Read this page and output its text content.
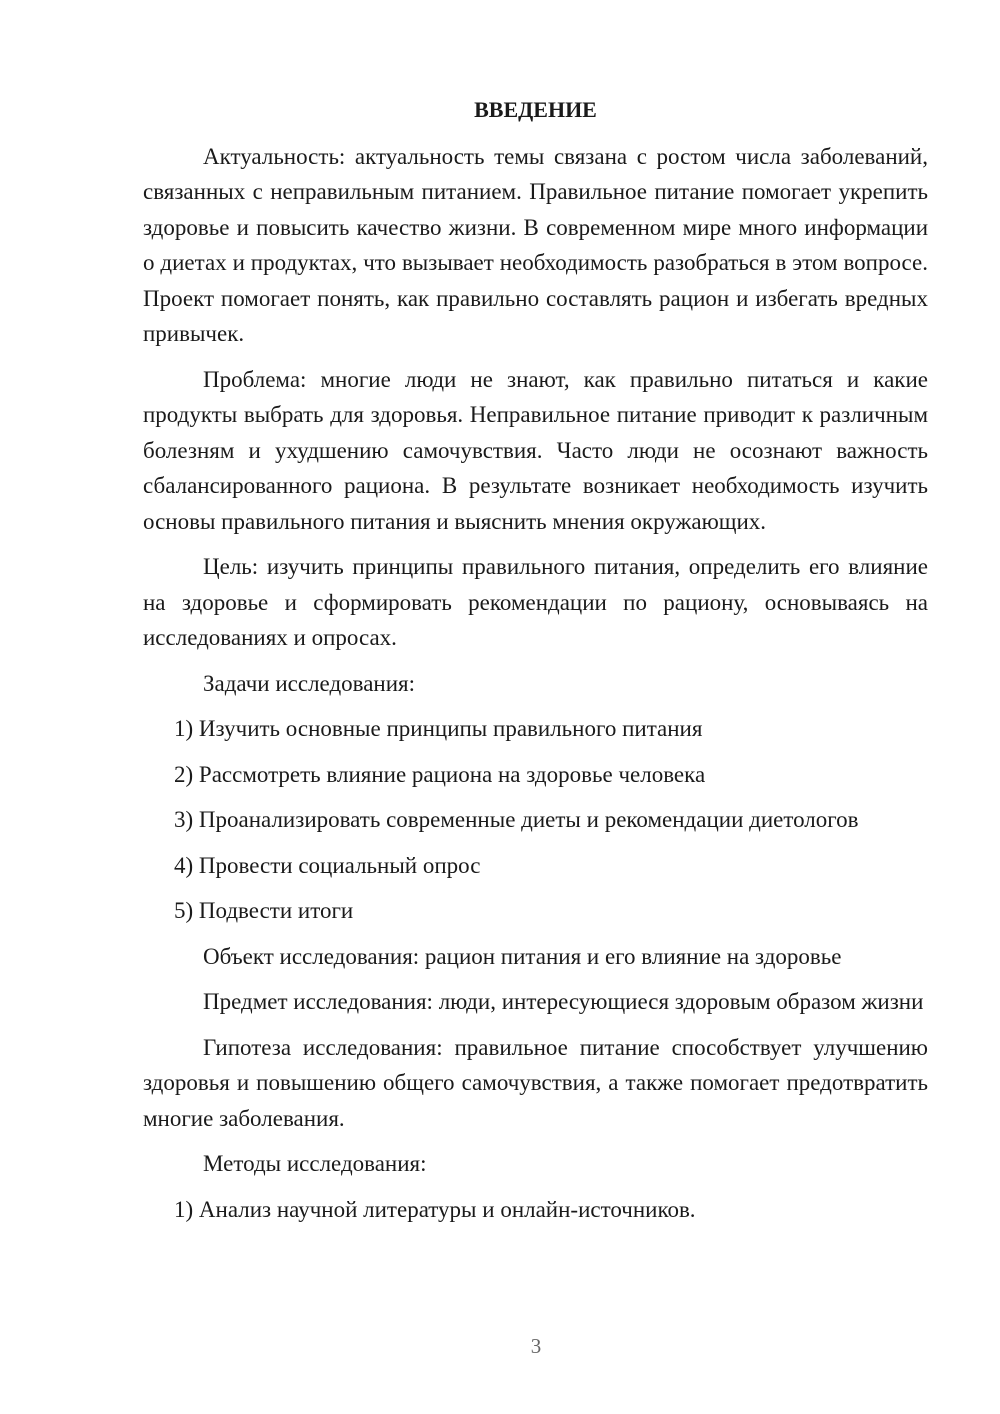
ВВЕДЕНИЕ

Актуальность: актуальность темы связана с ростом числа заболеваний, связанных с неправильным питанием. Правильное питание помогает укрепить здоровье и повысить качество жизни. В современном мире много информации о диетах и продуктах, что вызывает необходимость разобраться в этом вопросе. Проект помогает понять, как правильно составлять рацион и избегать вредных привычек.

Проблема: многие люди не знают, как правильно питаться и какие продукты выбрать для здоровья. Неправильное питание приводит к различным болезням и ухудшению самочувствия. Часто люди не осознают важность сбалансированного рациона. В результате возникает необходимость изучить основы правильного питания и выяснить мнения окружающих.

Цель: изучить принципы правильного питания, определить его влияние на здоровье и сформировать рекомендации по рациону, основываясь на исследованиях и опросах.

Задачи исследования:

1) Изучить основные принципы правильного питания

2) Рассмотреть влияние рациона на здоровье человека

3) Проанализировать современные диеты и рекомендации диетологов

4) Провести социальный опрос

5) Подвести итоги

Объект исследования: рацион питания и его влияние на здоровье

Предмет исследования: люди, интересующиеся здоровым образом жизни

Гипотеза исследования: правильное питание способствует улучшению здоровья и повышению общего самочувствия, а также помогает предотвратить многие заболевания.

Методы исследования:

1) Анализ научной литературы и онлайн-источников.

3
